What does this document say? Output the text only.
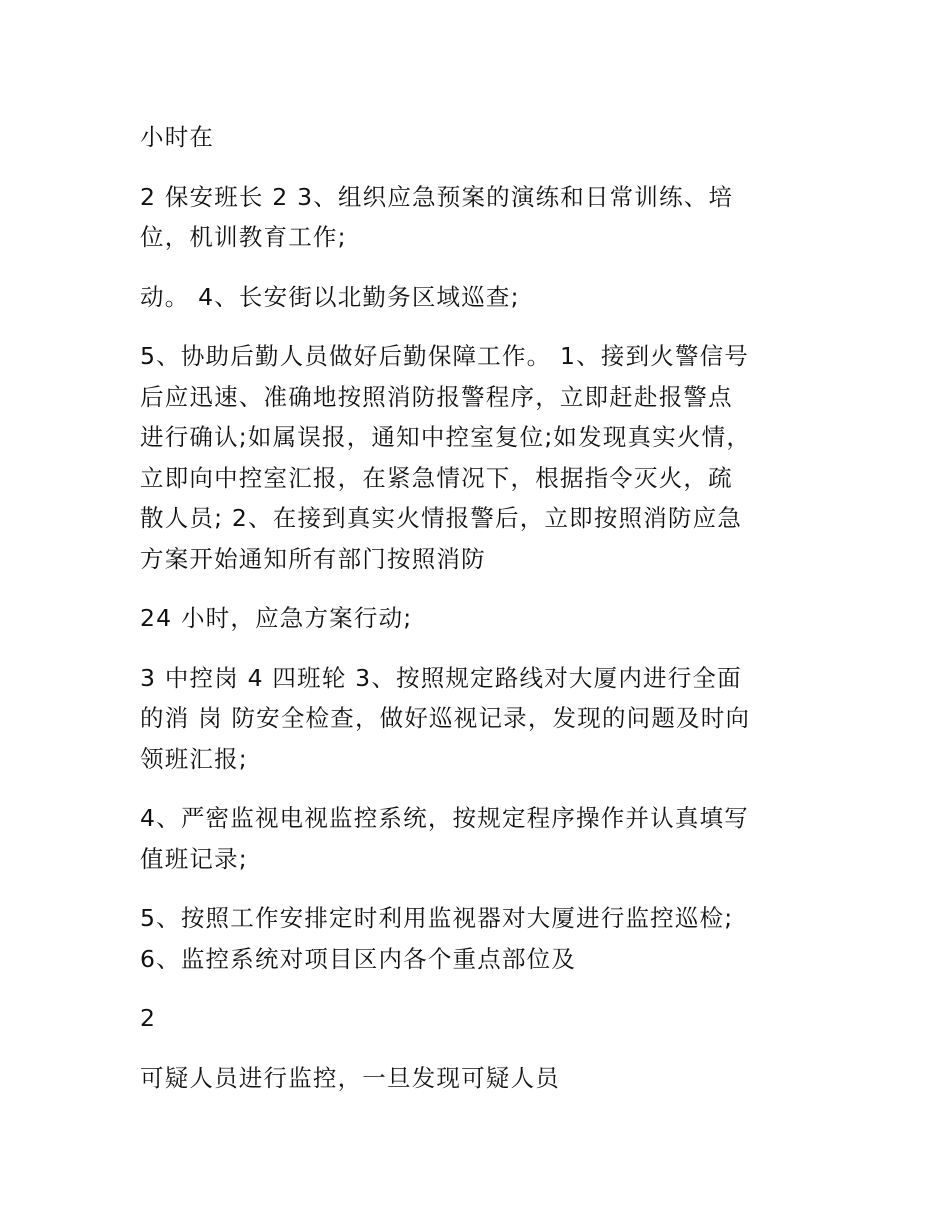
小时在

2 保安班长 2 3、组织应急预案的演练和日常训练、培
位，机训教育工作;

动。 4、长安街以北勤务区域巡查;

5、协助后勤人员做好后勤保障工作。 1、接到火警信号
后应迅速、准确地按照消防报警程序，立即赶赴报警点
进行确认;如属误报，通知中控室复位;如发现真实火情，
立即向中控室汇报，在紧急情况下，根据指令灭火，疏
散人员; 2、在接到真实火情报警后，立即按照消防应急
方案开始通知所有部门按照消防

24 小时，应急方案行动;

3 中控岗 4 四班轮 3、按照规定路线对大厦内进行全面
的消 岗 防安全检查，做好巡视记录，发现的问题及时向
领班汇报;

4、严密监视电视监控系统，按规定程序操作并认真填写
值班记录;

5、按照工作安排定时利用监视器对大厦进行监控巡检;
6、监控系统对项目区内各个重点部位及

2

可疑人员进行监控，一旦发现可疑人员
